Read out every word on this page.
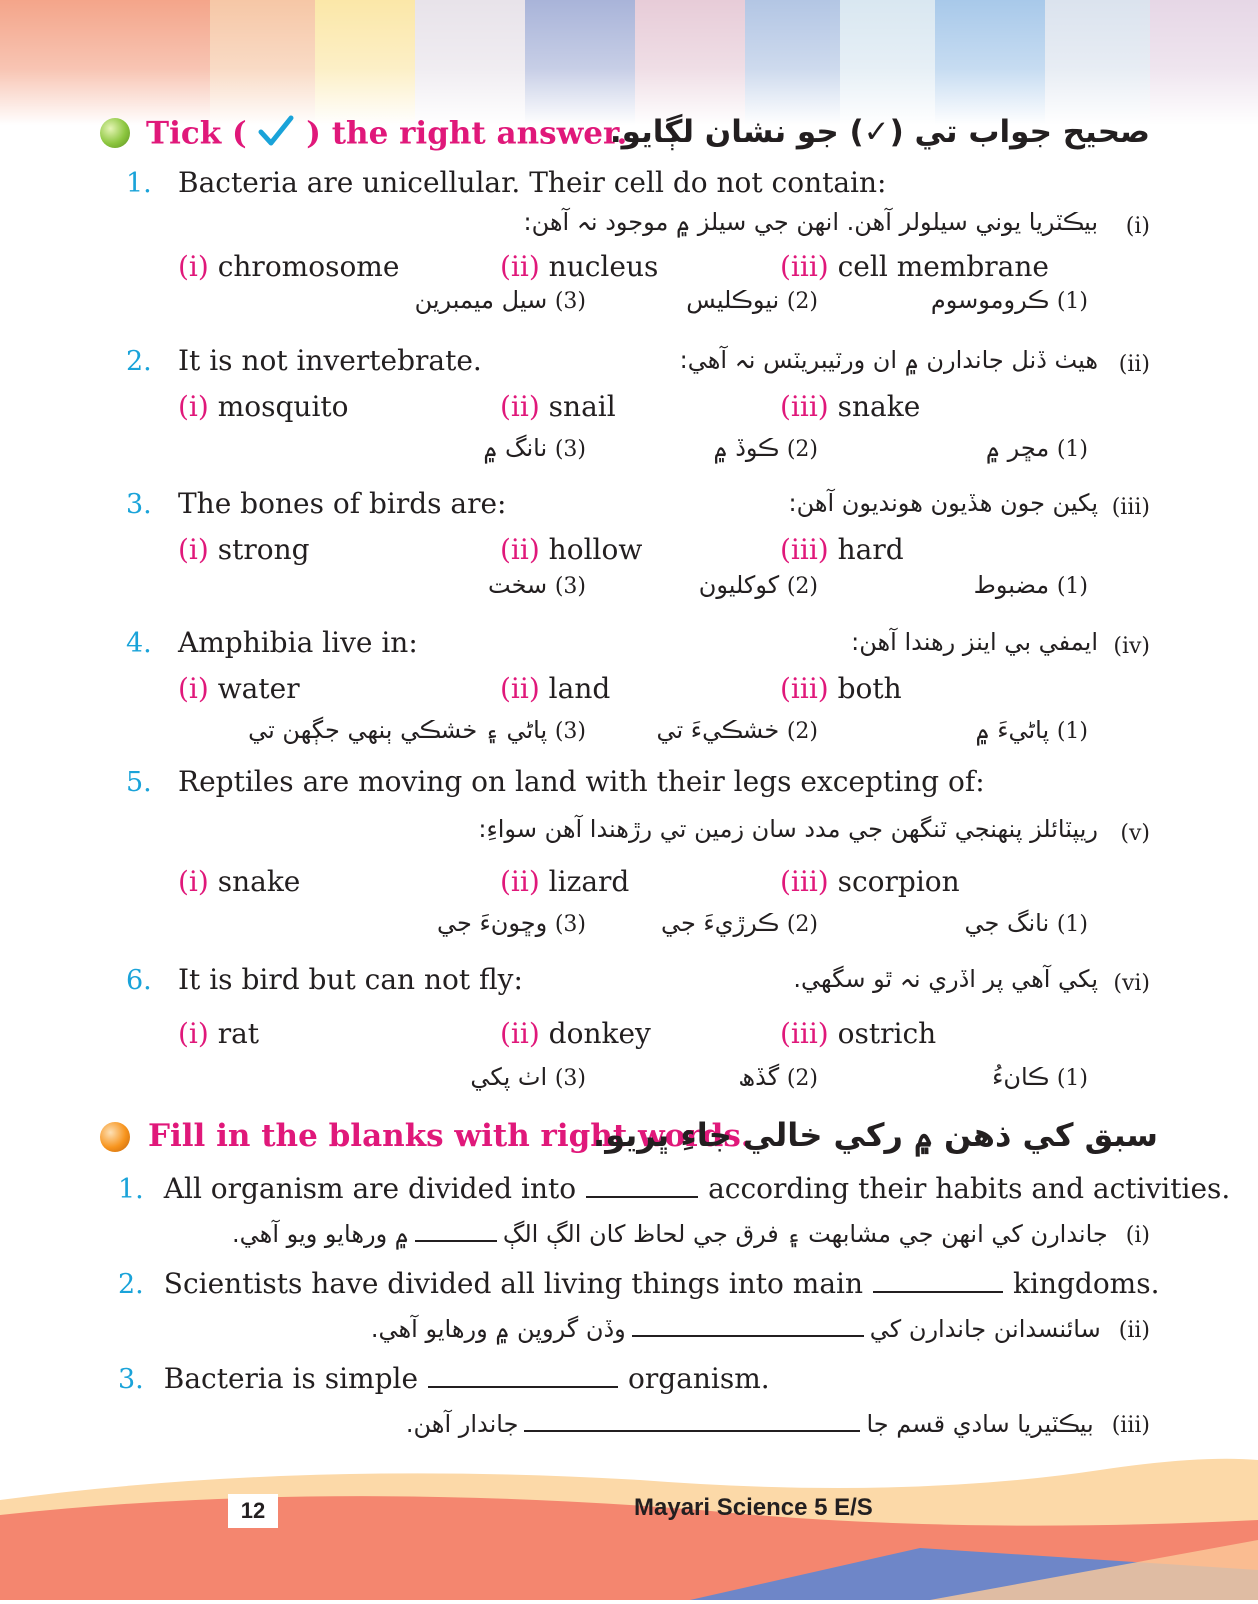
Tick ( ) the right answer.
صحيح جواب تي (✓) جو نشان لڳايو.
1. Bacteria are unicellular. Their cell do not contain:
(i)
بيڪٽريا يوني سيلولر آهن. انهن جي سيلز ۾ موجود نہ آهن:
(i) chromosome	(ii) nucleus	(iii) cell membrane
(1) ڪروموسوم
(2) نيوڪليس
(3) سيل ميمبرين
2. It is not invertebrate.	(ii)
هيٺ ڏنل جاندارن ۾ ان ورٽيبريٽس نہ آهي:
(i) mosquito	(ii) snail	(iii) snake
(1) مڇر ۾
(2) ڪوڏ ۾
(3) نانگ ۾
3. The bones of birds are:	(iii)
پکين جون هڏيون هونديون آهن:
(i) strong	(ii) hollow	(iii) hard
(1) مضبوط
(2) کوکليون
(3) سخت
4. Amphibia live in:	(iv)
ايمفي بي اينز رهندا آهن:
(i) water	(ii) land	(iii) both
(1) پاڻيءَ ۾
(2) خشڪيءَ تي
(3) پاڻي ۽ خشڪي ٻنهي جڳهن تي
5. Reptiles are moving on land with their legs excepting of:
(v)
ريپٽائلز پنهنجي ٽنگهن جي مدد سان زمين تي رڙهندا آهن سواءِ:
(i) snake	(ii) lizard	(iii) scorpion
(1) نانگ جي
(2) ڪرڙيءَ جي
(3) وڇونءَ جي
6. It is bird but can not fly:	(vi)
پکي آهي پر اڏري نہ ٿو سگهي.
(i) rat	(ii) donkey	(iii) ostrich
(1) ڪانءُ
(2) گڏھ
(3) اٺ پکي
Fill in the blanks with right words.
سبق کي ذهن ۾ رکي خالي جاءِ ڀريو.
1. All organism are divided into	according their habits and activities.
(i)جاندارن کي انهن جي مشابهت ۽ فرق جي لحاظ کان الڳ الڳ۾ ورهايو ويو آهي.
2. Scientists have divided all living things into main	kingdoms.
(ii)سائنسدانن جاندارن کيوڏن گروپن ۾ ورهايو آهي.
3. Bacteria is simple	organism.
(iii)بيڪٽيريا سادي قسم جاجاندار آهن.
12	Mayari Science 5 E/S
